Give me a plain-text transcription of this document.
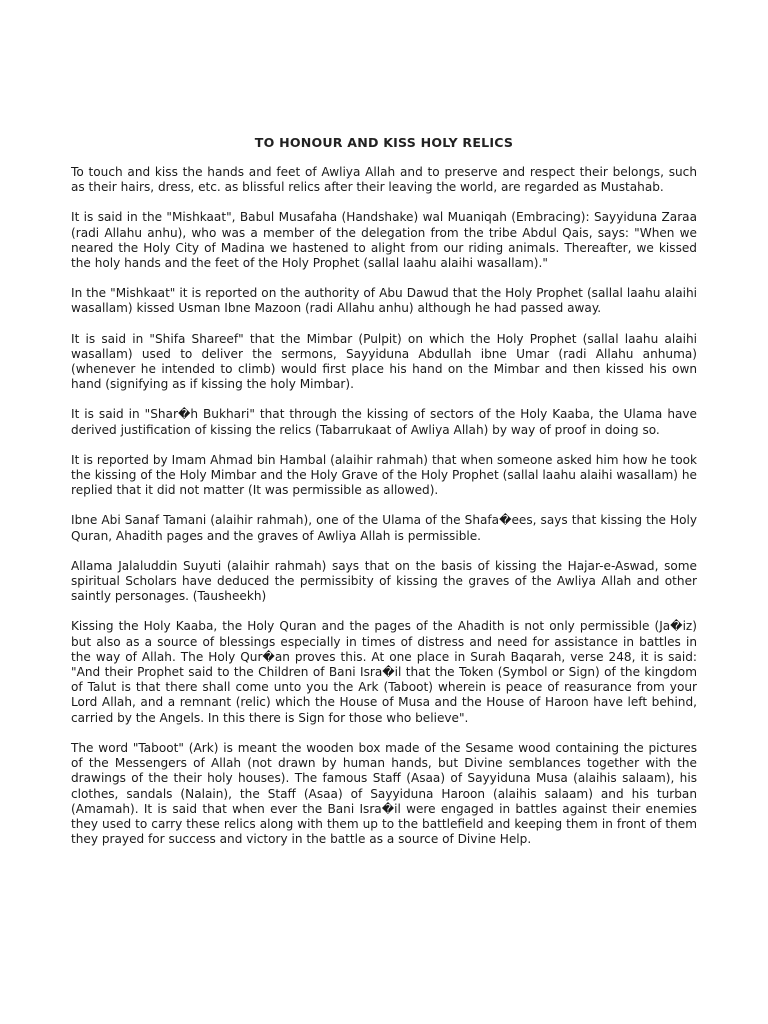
TO HONOUR AND KISS HOLY RELICS

To touch and kiss the hands and feet of Awliya Allah and to preserve and respect their belongs, such as their hairs, dress, etc. as blissful relics after their leaving the world, are regarded as Mustahab.

It is said in the "Mishkaat", Babul Musafaha (Handshake) wal Muaniqah (Embracing): Sayyiduna Zaraa (radi Allahu anhu), who was a member of the delegation from the tribe Abdul Qais, says: "When we neared the Holy City of Madina we hastened to alight from our riding animals. Thereafter, we kissed the holy hands and the feet of the Holy Prophet (sallal laahu alaihi wasallam)."

In the "Mishkaat" it is reported on the authority of Abu Dawud that the Holy Prophet (sallal laahu alaihi wasallam) kissed Usman Ibne Mazoon (radi Allahu anhu) although he had passed away.

It is said in "Shifa Shareef" that the Mimbar (Pulpit) on which the Holy Prophet (sallal laahu alaihi wasallam) used to deliver the sermons, Sayyiduna Abdullah ibne Umar (radi Allahu anhuma) (whenever he intended to climb) would first place his hand on the Mimbar and then kissed his own hand (signifying as if kissing the holy Mimbar).

It is said in "Shar�h Bukhari" that through the kissing of sectors of the Holy Kaaba, the Ulama have derived justification of kissing the relics (Tabarrukaat of Awliya Allah) by way of proof in doing so.

It is reported by Imam Ahmad bin Hambal (alaihir rahmah) that when someone asked him how he took the kissing of the Holy Mimbar and the Holy Grave of the Holy Prophet (sallal laahu alaihi wasallam) he replied that it did not matter (It was permissible as allowed).

Ibne Abi Sanaf Tamani (alaihir rahmah), one of the Ulama of the Shafa�ees, says that kissing the Holy Quran, Ahadith pages and the graves of Awliya Allah is permissible.

Allama Jalaluddin Suyuti (alaihir rahmah) says that on the basis of kissing the Hajar-e-Aswad, some spiritual Scholars have deduced the permissibity of kissing the graves of the Awliya Allah and other saintly personages. (Tausheekh)

Kissing the Holy Kaaba, the Holy Quran and the pages of the Ahadith is not only permissible (Ja�iz) but also as a source of blessings especially in times of distress and need for assistance in battles in the way of Allah. The Holy Qur�an proves this. At one place in Surah Baqarah, verse 248, it is said: "And their Prophet said to the Children of Bani Isra�il that the Token (Symbol or Sign) of the kingdom of Talut is that there shall come unto you the Ark (Taboot) wherein is peace of reasurance from your Lord Allah, and a remnant (relic) which the House of Musa and the House of Haroon have left behind, carried by the Angels. In this there is Sign for those who believe".

The word "Taboot" (Ark) is meant the wooden box made of the Sesame wood containing the pictures of the Messengers of Allah (not drawn by human hands, but Divine semblances together with the drawings of the their holy houses). The famous Staff (Asaa) of Sayyiduna Musa (alaihis salaam), his clothes, sandals (Nalain), the Staff (Asaa) of Sayyiduna Haroon (alaihis salaam) and his turban (Amamah). It is said that when ever the Bani Isra�il were engaged in battles against their enemies they used to carry these relics along with them up to the battlefield and keeping them in front of them they prayed for success and victory in the battle as a source of Divine Help.
